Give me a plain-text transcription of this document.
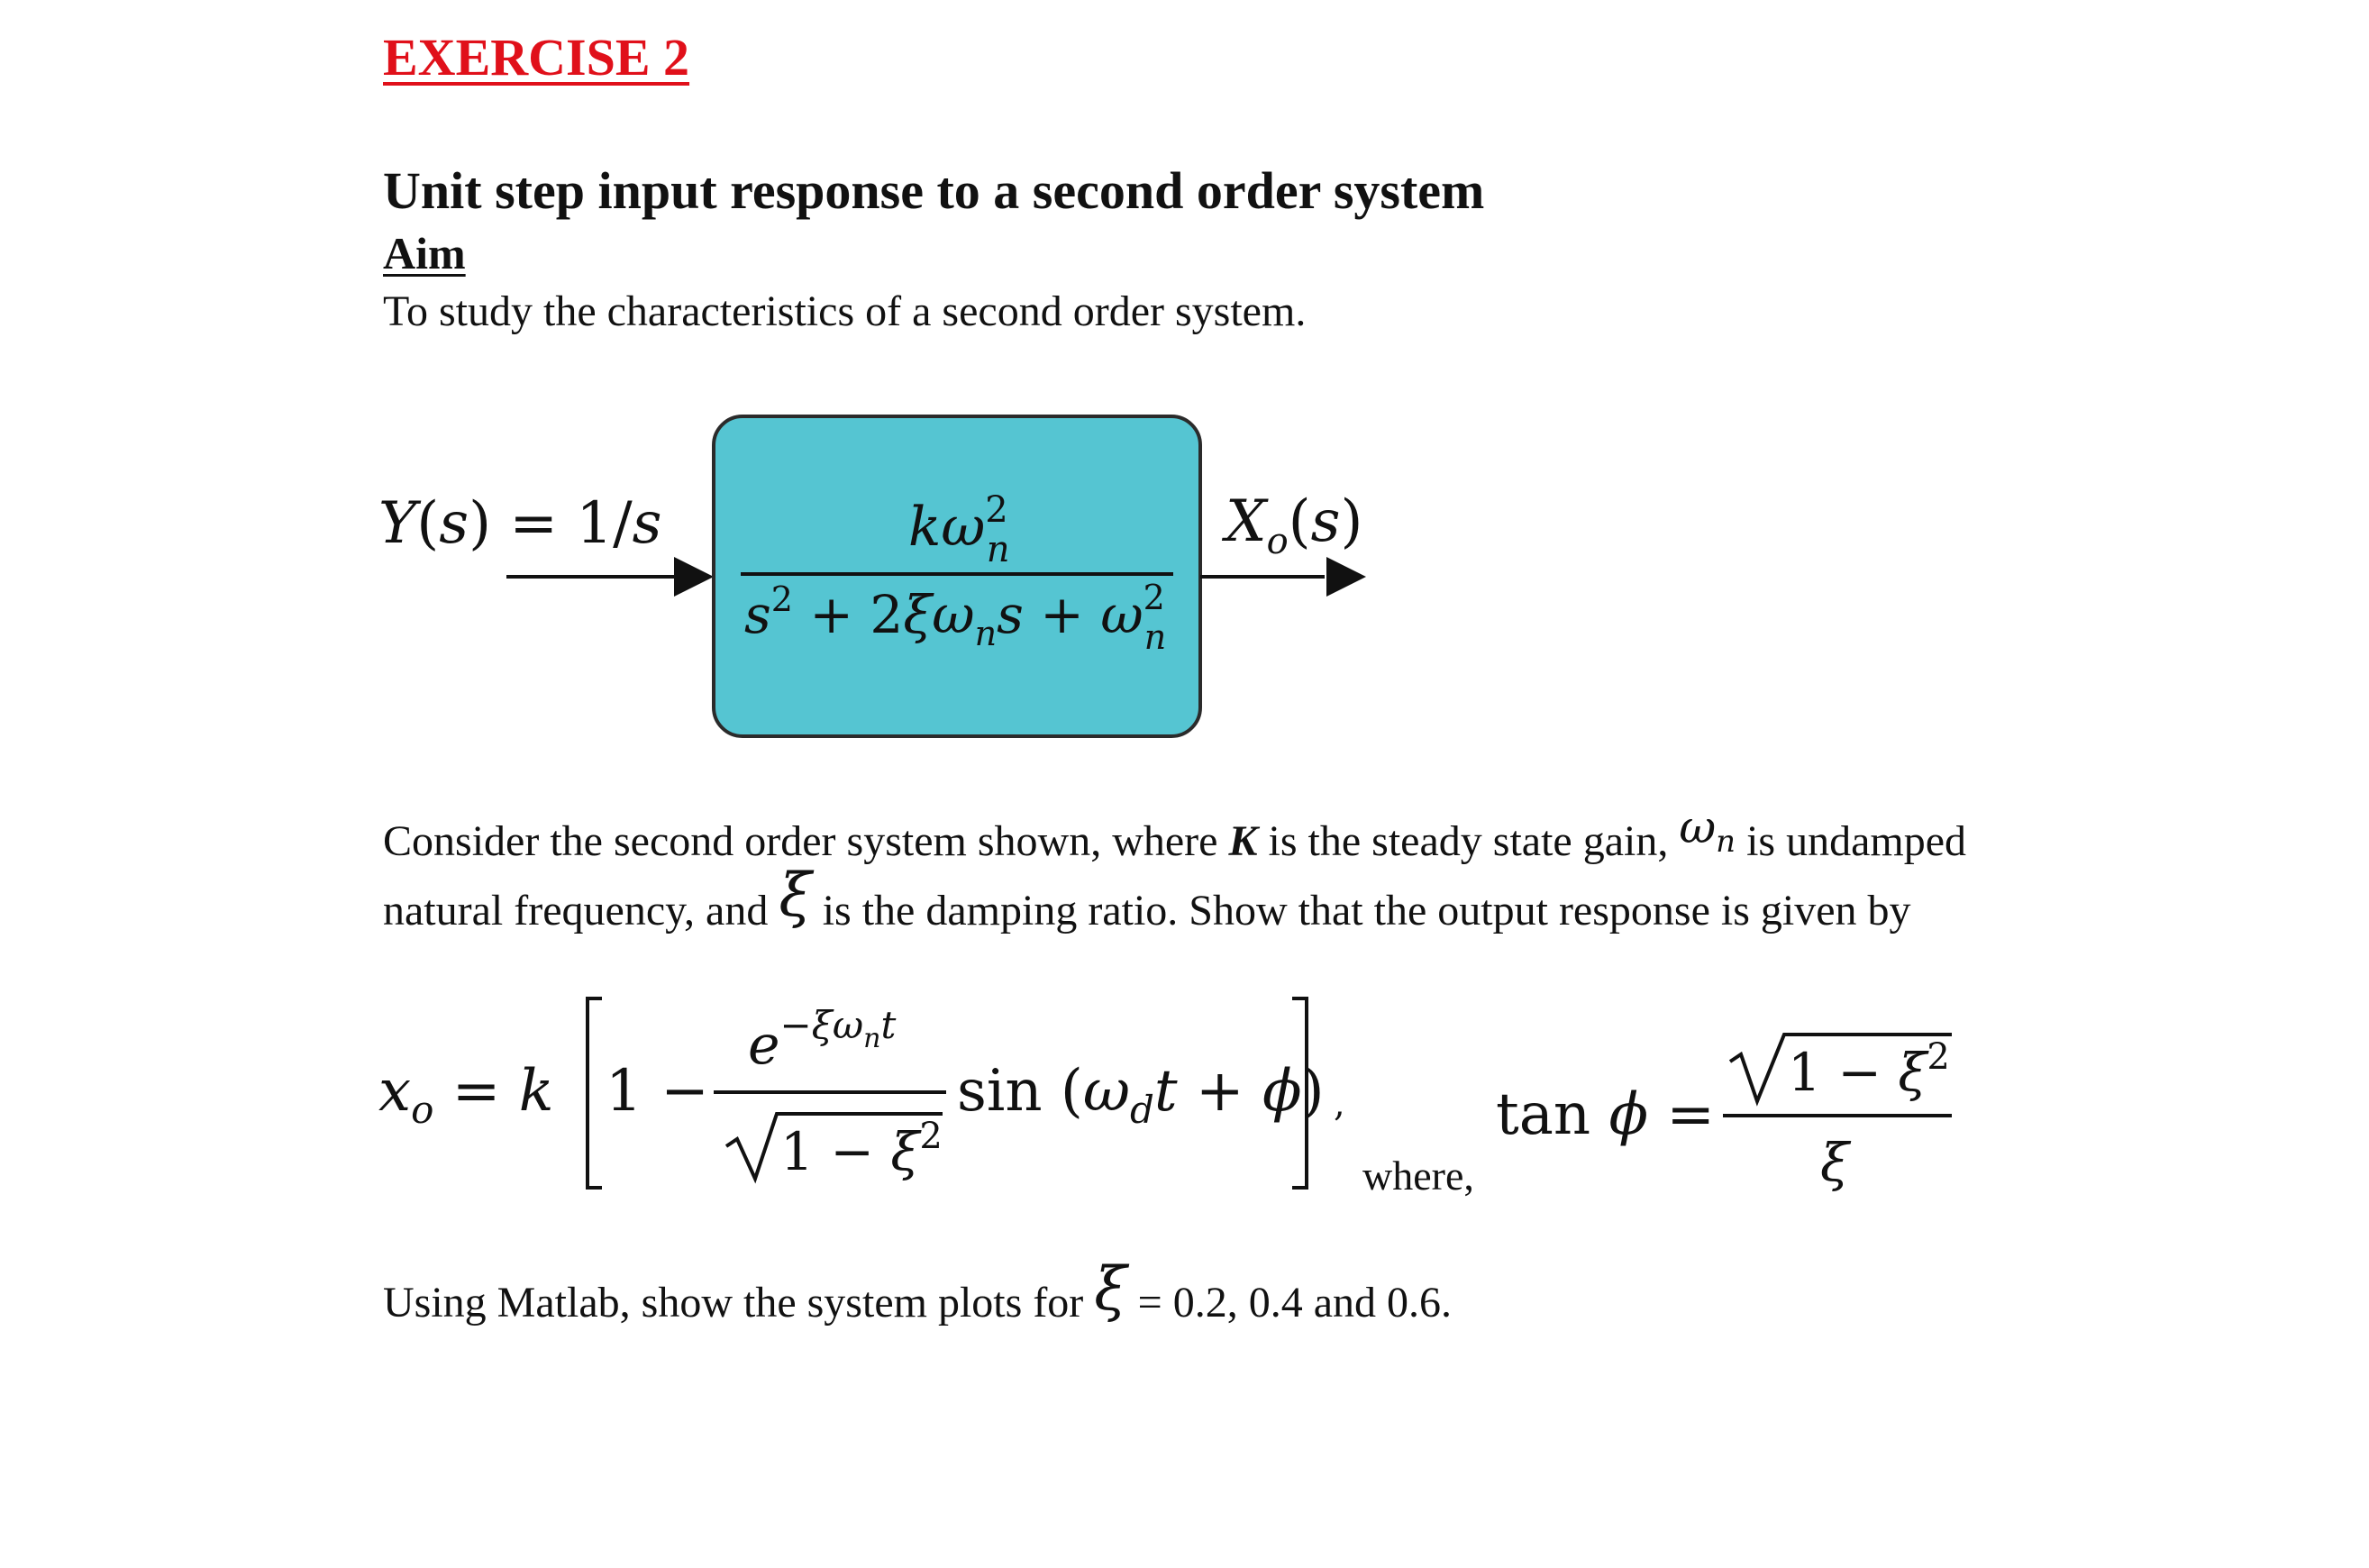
EXERCISE 2
Unit step input response to a second order system
Aim
To study the characteristics of a second order system.
Y(s) = 1/s	$k\omega^2$ n
$s^2 + 2\xi\omega_ns + \omega^2$ n
$X_o(s)$
$x_o = k$ 1 −
e−ξωnt
$1 - \xi^2$
$\sin (\omega_dt + \phi)$ ,	tan ϕ =
$1 - \xi^2$
ξ
where,
Consider the second order system shown, where K is the steady state gain, $\omega_n$ is undamped
natural frequency, and ξ is the damping ratio. Show that the output response is given by
Using Matlab, show the system plots for ξ = 0.2, 0.4 and 0.6.
